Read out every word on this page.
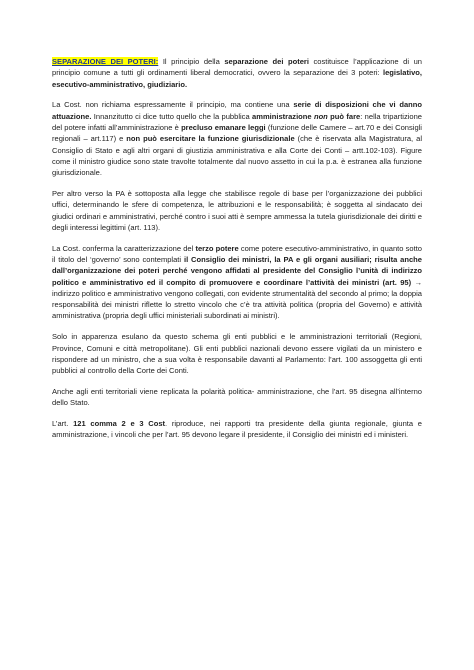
SEPARAZIONE DEI POTERI: Il principio della separazione dei poteri costituisce l’applicazione di un principio comune a tutti gli ordinamenti liberal democratici, ovvero la separazione dei 3 poteri: legislativo, esecutivo-amministrativo, giudiziario.

La Cost. non richiama espressamente il principio, ma contiene una serie di disposizioni che vi danno attuazione. Innanzitutto ci dice tutto quello che la pubblica amministrazione non può fare: nella tripartizione del potere infatti all’amministrazione è precluso emanare leggi (funzione delle Camere – art.70 e dei Consigli regionali – art.117) e non può esercitare la funzione giurisdizionale (che è riservata alla Magistratura, al Consiglio di Stato e agli altri organi di giustizia amministrativa e alla Corte dei Conti – artt.102-103). Figure come il ministro giudice sono state travolte totalmente dal nuovo assetto in cui la p.a. è estranea alla funzione giurisdizionale.

Per altro verso la PA è sottoposta alla legge che stabilisce regole di base per l’organizzazione dei pubblici uffici, determinando le sfere di competenza, le attribuzioni e le responsabilità; è soggetta al sindacato dei giudici ordinari e amministrativi, perché contro i suoi atti è sempre ammessa la tutela giurisdizionale dei diritti e degli interessi legittimi (art. 113).

La Cost. conferma la caratterizzazione del terzo potere come potere esecutivo-amministrativo, in quanto sotto il titolo del ‘governo’ sono contemplati il Consiglio dei ministri, la PA e gli organi ausiliari; risulta anche dall’organizzazione dei poteri perché vengono affidati al presidente del Consiglio l’unità di indirizzo politico e amministrativo ed il compito di promuovere e coordinare l’attività dei ministri (art. 95) → indirizzo politico e amministrativo vengono collegati, con evidente strumentalità del secondo al primo; la doppia responsabilità dei ministri riflette lo stretto vincolo che c’è tra attività politica (propria del Governo) e attività amministrativa (propria degli uffici ministeriali subordinati ai ministri).

Solo in apparenza esulano da questo schema gli enti pubblici e le amministrazioni territoriali (Regioni, Province, Comuni e città metropolitane). Gli enti pubblici nazionali devono essere vigilati da un ministero e rispondere ad un ministro, che a sua volta è responsabile davanti al Parlamento: l’art. 100 assoggetta gli enti pubblici al controllo della Corte dei Conti.

Anche agli enti territoriali viene replicata la polarità politica- amministrazione, che l’art. 95 disegna all’interno dello Stato.

L’art. 121 comma 2 e 3 Cost. riproduce, nei rapporti tra presidente della giunta regionale, giunta e amministrazione, i vincoli che per l’art. 95 devono legare il presidente, il Consiglio dei ministri ed i ministeri.
